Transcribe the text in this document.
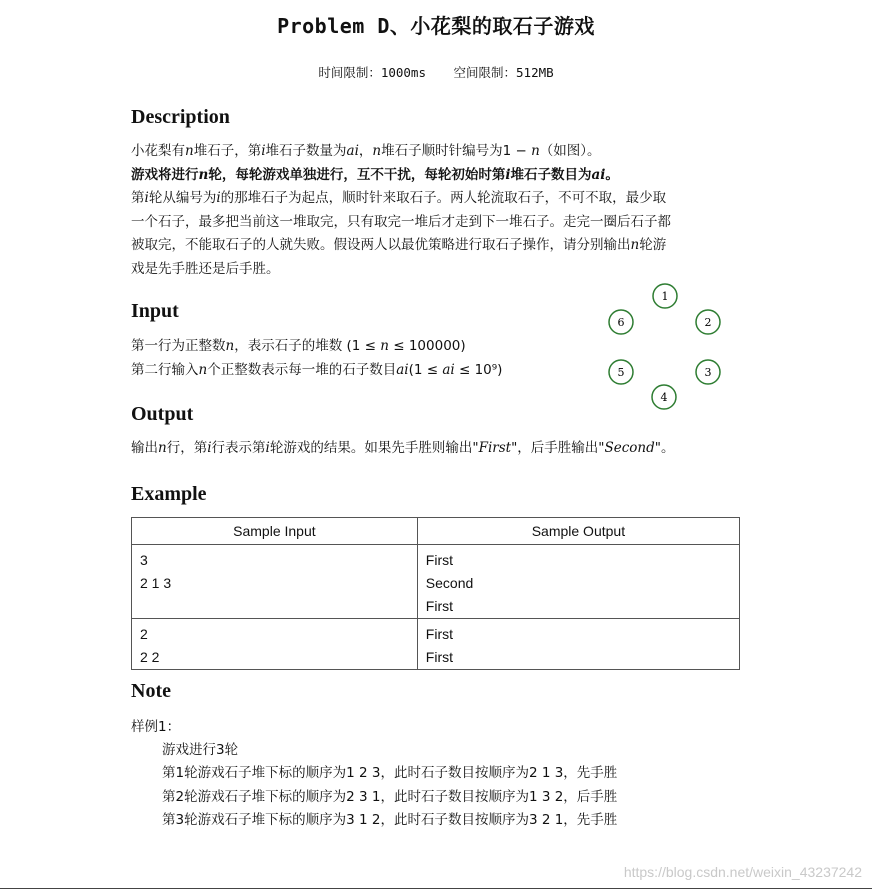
Problem D、小花梨的取石子游戏
时间限制：1000ms 空间限制：512MB
Description
小花梨有n堆石子，第i堆石子数量为ai，n堆石子顺时针编号为1 − n（如图）。
游戏将进行n轮，每轮游戏单独进行，互不干扰，每轮初始时第i堆石子数目为ai。
第i轮从编号为i的那堆石子为起点，顺时针来取石子。两人轮流取石子，不可不取，最少取
一个石子，最多把当前这一堆取完，只有取完一堆后才走到下一堆石子。走完一圈后石子都
被取完，不能取石子的人就失败。假设两人以最优策略进行取石子操作，请分别输出n轮游
戏是先手胜还是后手胜。
Input
第一行为正整数n，表示石子的堆数 (1 ≤ n ≤ 100000)
第二行输入n个正整数表示每一堆的石子数目ai(1 ≤ ai ≤ 10⁹)
1
2
3
4
5
6
Output
输出n行，第i行表示第i轮游戏的结果。如果先手胜则输出"First"，后手胜输出"Second"。
Example
Sample Input	Sample Output

3
2 1 3	First
Second
First

2
2 2	First
First
Note
样例1：
游戏进行3轮
第1轮游戏石子堆下标的顺序为1 2 3，此时石子数目按顺序为2 1 3，先手胜
第2轮游戏石子堆下标的顺序为2 3 1，此时石子数目按顺序为1 3 2，后手胜
第3轮游戏石子堆下标的顺序为3 1 2，此时石子数目按顺序为3 2 1，先手胜
https://blog.csdn.net/weixin_43237242
